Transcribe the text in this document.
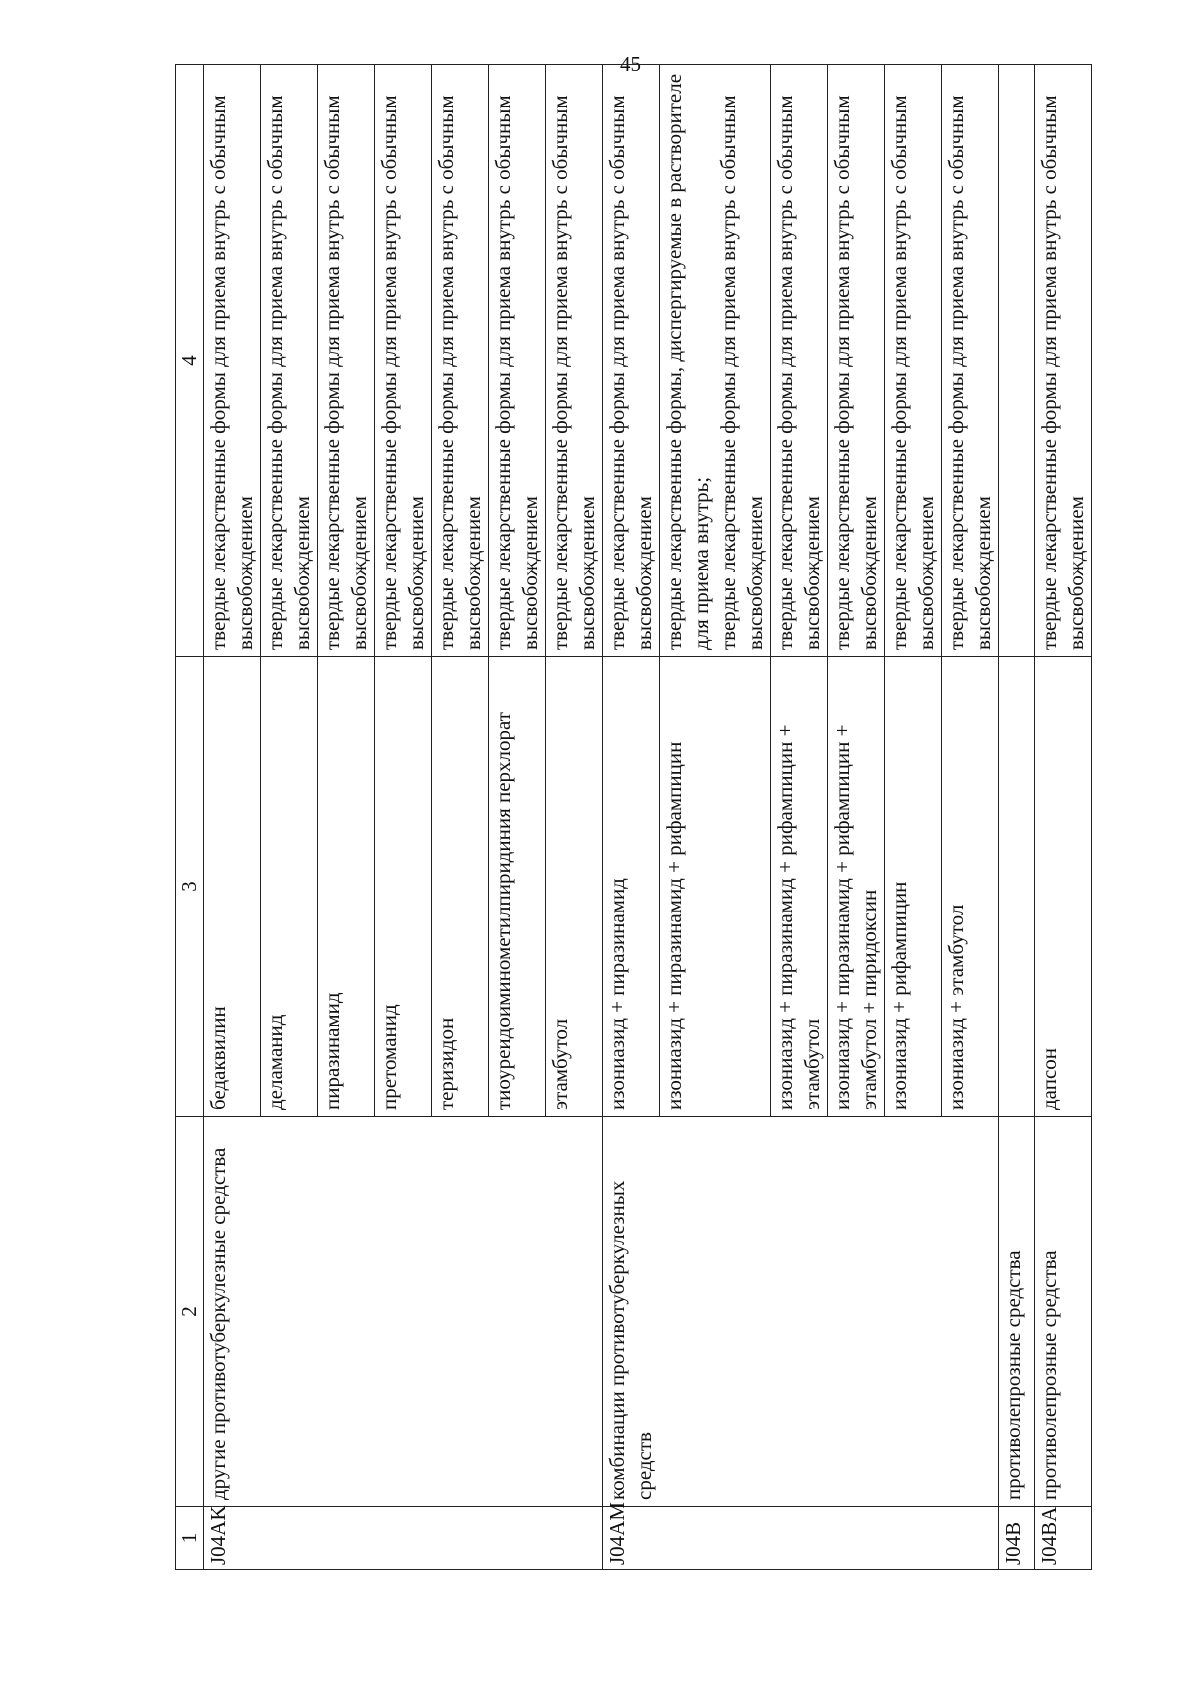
45
1	2	3	4
J04AK	другие противотуберкулезные средства	бедаквилин	твердые лекарственные формы для приема внутрь с обычным высвобождением
		деламанид	твердые лекарственные формы для приема внутрь с обычным высвобождением
		пиразинамид	твердые лекарственные формы для приема внутрь с обычным высвобождением
		претоманид	твердые лекарственные формы для приема внутрь с обычным высвобождением
		теризидон	твердые лекарственные формы для приема внутрь с обычным высвобождением
		тиоуреидоиминометилпиридиния перхлорат	твердые лекарственные формы для приема внутрь с обычным высвобождением
		этамбутол	твердые лекарственные формы для приема внутрь с обычным высвобождением
J04AM	комбинации противотуберкулезных средств	изониазид + пиразинамид	твердые лекарственные формы для приема внутрь с обычным высвобождением
		изониазид + пиразинамид + рифампицин	твердые лекарственные формы, диспергируемые в растворителе для приема внутрь; твердые лекарственные формы для приема внутрь с обычным высвобождением

		изониазид + пиразинамид + рифампицин + этамбутол	твердые лекарственные формы для приема внутрь с обычным высвобождением
		изониазид + пиразинамид + рифампицин + этамбутол + пиридоксин	твердые лекарственные формы для приема внутрь с обычным высвобождением
		изониазид + рифампицин	твердые лекарственные формы для приема внутрь с обычным высвобождением
		изониазид + этамбутол	твердые лекарственные формы для приема внутрь с обычным высвобождением
J04B	противолепрозные средства		
J04BA	противолепрозные средства	дапсон	твердые лекарственные формы для приема внутрь с обычным высвобождением
